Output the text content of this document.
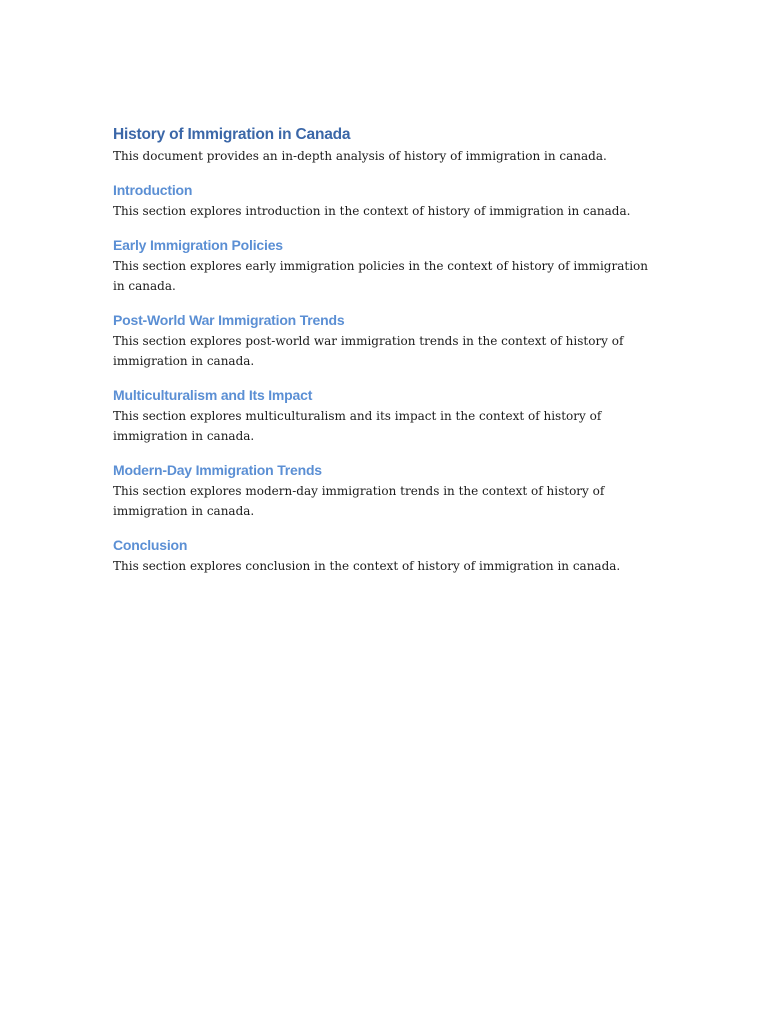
History of Immigration in Canada

This document provides an in-depth analysis of history of immigration in canada.

Introduction

This section explores introduction in the context of history of immigration in canada.

Early Immigration Policies

This section explores early immigration policies in the context of history of immigration in canada.

Post-World War Immigration Trends

This section explores post-world war immigration trends in the context of history of immigration in canada.

Multiculturalism and Its Impact

This section explores multiculturalism and its impact in the context of history of immigration in canada.

Modern-Day Immigration Trends

This section explores modern-day immigration trends in the context of history of immigration in canada.

Conclusion

This section explores conclusion in the context of history of immigration in canada.
